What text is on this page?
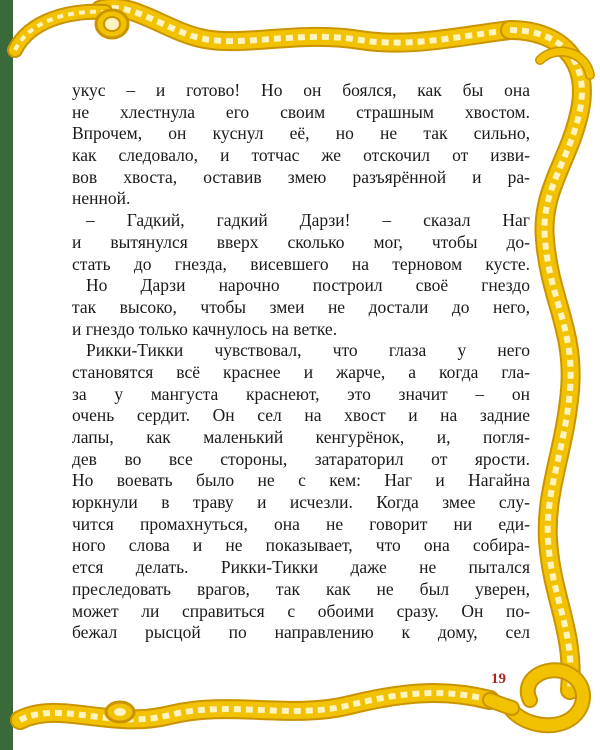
укус – и готово! Но он боялся, как бы она
не хлестнула его своим страшным хвостом.
Впрочем, он куснул её, но не так сильно,
как следовало, и тотчас же отскочил от изви-
вов хвоста, оставив змею разъярённой и ра-
ненной.
– Гадкий, гадкий Дарзи! – сказал Наг
и вытянулся вверх сколько мог, чтобы до-
стать до гнезда, висевшего на терновом кусте.
Но Дарзи нарочно построил своё гнездо
так высоко, чтобы змеи не достали до него,
и гнездо только качнулось на ветке.
Рикки-Тикки чувствовал, что глаза у него
становятся всё краснее и жарче, а когда гла-
за у мангуста краснеют, это значит – он
очень сердит. Он сел на хвост и на задние
лапы, как маленький кенгурёнок, и, погля-
дев во все стороны, затараторил от ярости.
Но воевать было не с кем: Наг и Нагайна
юркнули в траву и исчезли. Когда змее слу-
чится промахнуться, она не говорит ни еди-
ного слова и не показывает, что она собира-
ется делать. Рикки-Тикки даже не пытался
преследовать врагов, так как не был уверен,
может ли справиться с обоими сразу. Он по-
бежал рысцой по направлению к дому, сел
19
